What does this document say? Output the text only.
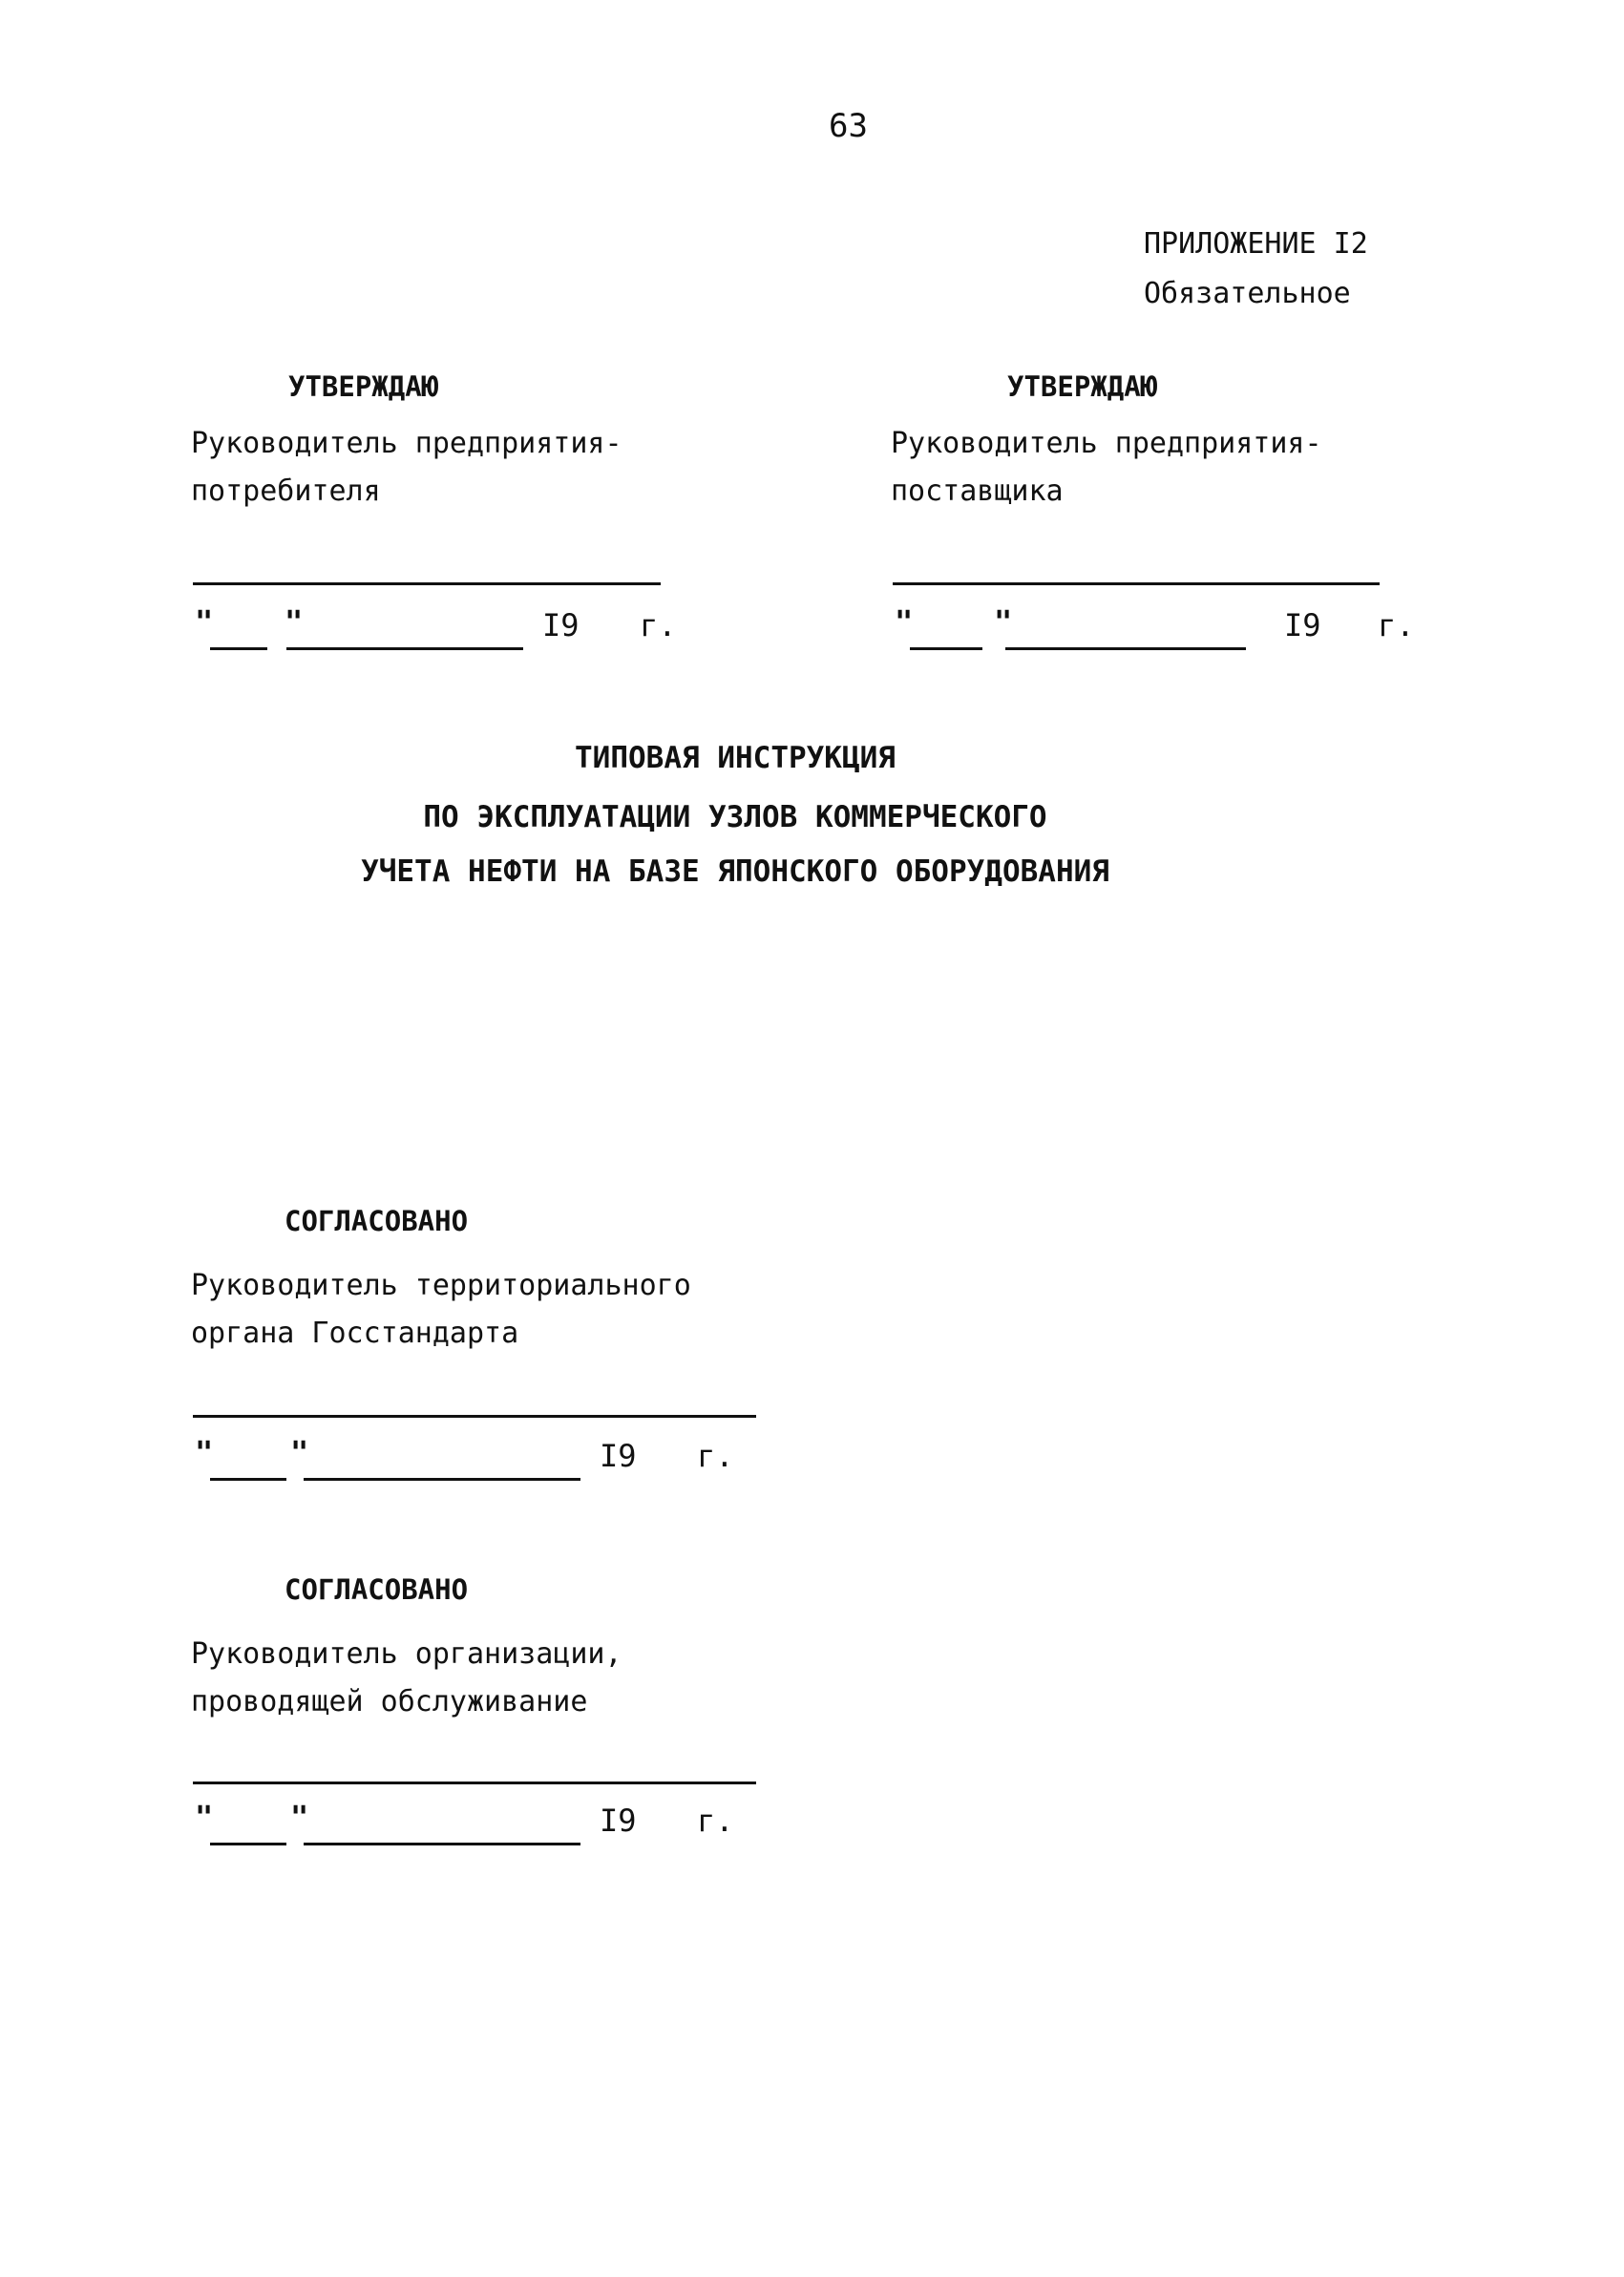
63
ПРИЛОЖЕНИЕ I2
Обязательное
УТВЕРЖДАЮ
Руководитель предприятия-
потребителя
" "	I9 г.
УТВЕРЖДАЮ
Руководитель предприятия-
поставщика
"	"	I9 г.
ТИПОВАЯ ИНСТРУКЦИЯ
ПО ЭКСПЛУАТАЦИИ УЗЛОВ КОММЕРЧЕСКОГО
УЧЕТА НЕФТИ НА БАЗЕ ЯПОНСКОГО ОБОРУДОВАНИЯ
СОГЛАСОВАНО
Руководитель территориального
органа Госстандарта
"	"	I9 г.
СОГЛАСОВАНО
Руководитель организации,
проводящей обслуживание
"	"	I9 г.
